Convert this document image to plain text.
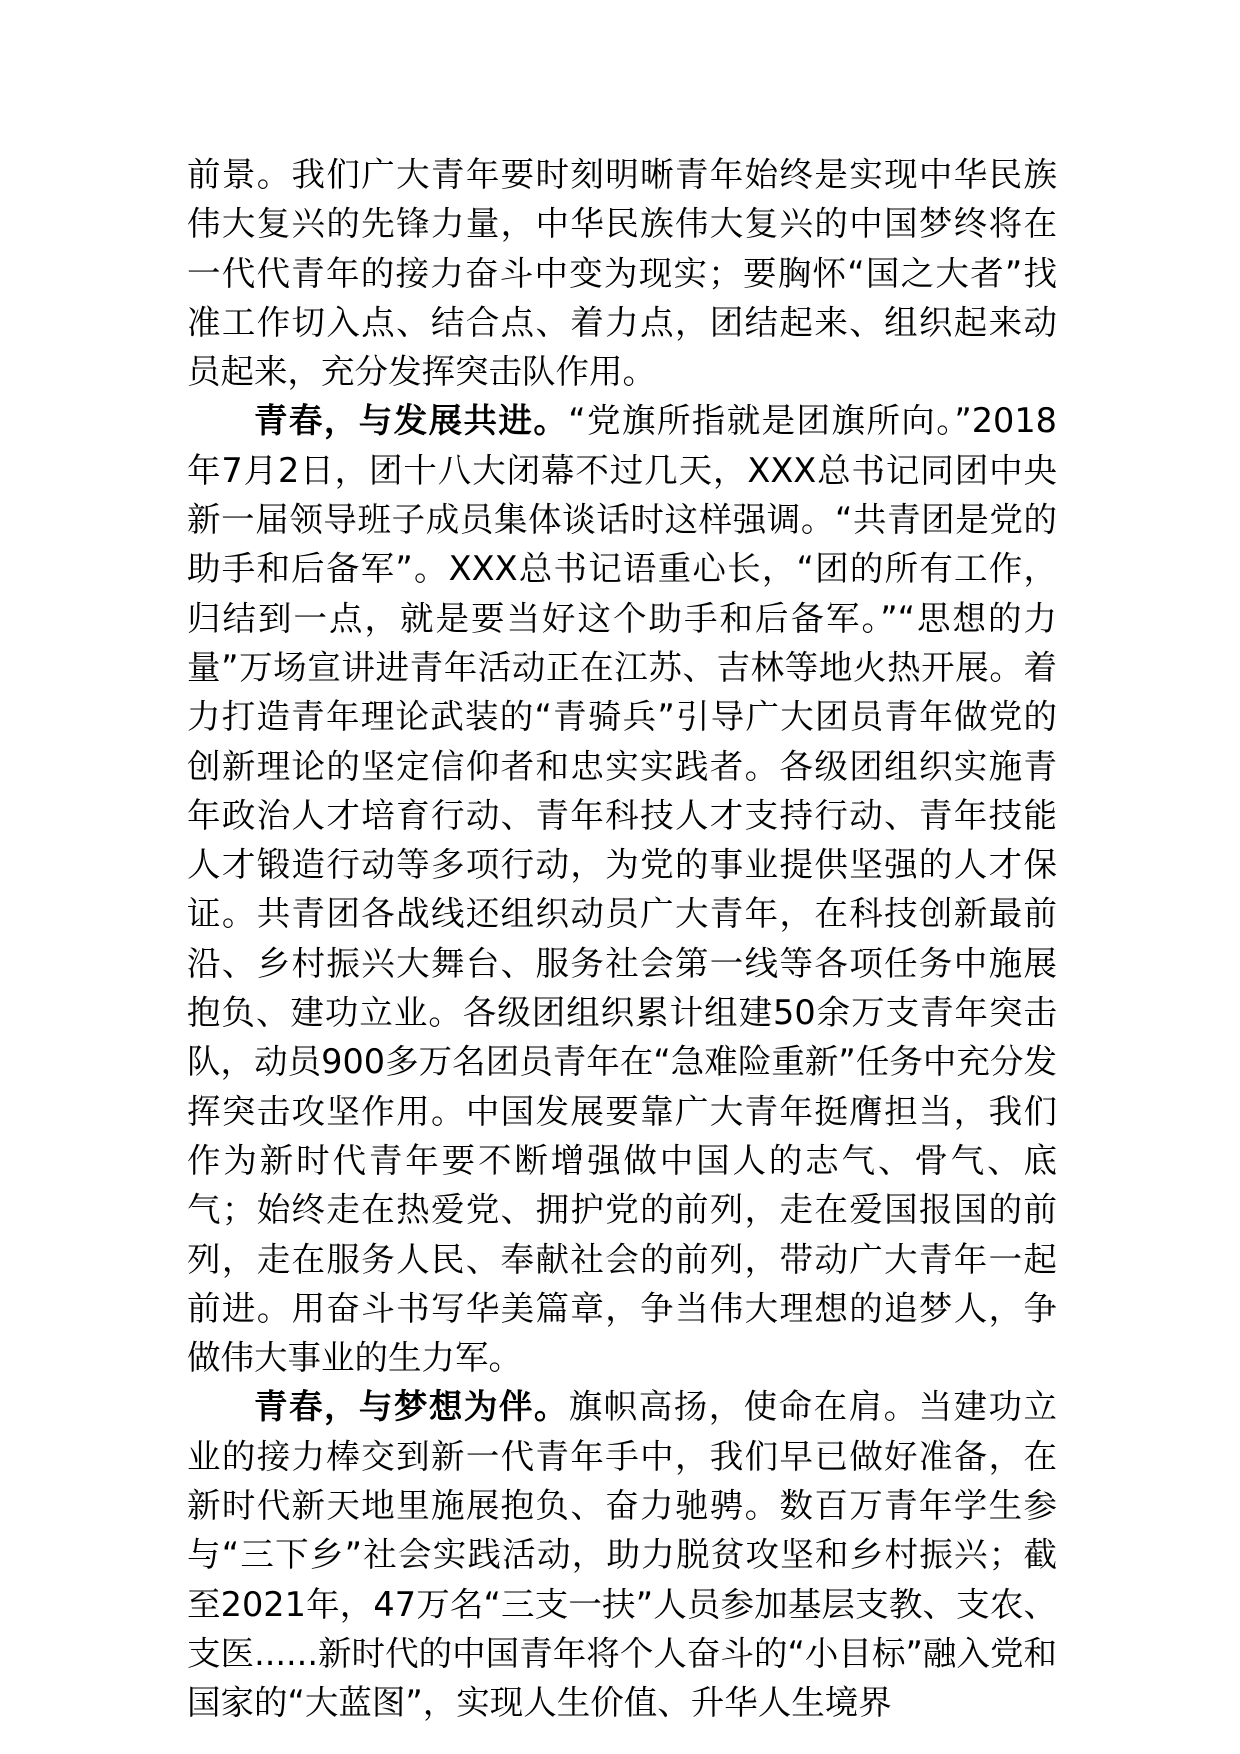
前景。我们广大青年要时刻明晰青年始终是实现中华民族伟大复兴的先锋力量，中华民族伟大复兴的中国梦终将在一代代青年的接力奋斗中变为现实；要胸怀“国之大者”找准工作切入点、结合点、着力点，团结起来、组织起来动员起来，充分发挥突击队作用。

青春，与发展共进。“党旗所指就是团旗所向。”2018年7月2日，团十八大闭幕不过几天，XXX总书记同团中央新一届领导班子成员集体谈话时这样强调。“共青团是党的助手和后备军”。XXX总书记语重心长，“团的所有工作，归结到一点，就是要当好这个助手和后备军。”“思想的力量”万场宣讲进青年活动正在江苏、吉林等地火热开展。着力打造青年理论武装的“青骑兵”引导广大团员青年做党的创新理论的坚定信仰者和忠实实践者。各级团组织实施青年政治人才培育行动、青年科技人才支持行动、青年技能人才锻造行动等多项行动，为党的事业提供坚强的人才保证。共青团各战线还组织动员广大青年，在科技创新最前沿、乡村振兴大舞台、服务社会第一线等各项任务中施展抱负、建功立业。各级团组织累计组建50余万支青年突击队，动员900多万名团员青年在“急难险重新”任务中充分发挥突击攻坚作用。中国发展要靠广大青年挺膺担当，我们作为新时代青年要不断增强做中国人的志气、骨气、底气；始终走在热爱党、拥护党的前列，走在爱国报国的前列，走在服务人民、奉献社会的前列，带动广大青年一起前进。用奋斗书写华美篇章，争当伟大理想的追梦人，争做伟大事业的生力军。

青春，与梦想为伴。旗帜高扬，使命在肩。当建功立业的接力棒交到新一代青年手中，我们早已做好准备，在新时代新天地里施展抱负、奋力驰骋。数百万青年学生参与“三下乡”社会实践活动，助力脱贫攻坚和乡村振兴；截至2021年，47万名“三支一扶”人员参加基层支教、支农、支医......新时代的中国青年将个人奋斗的“小目标”融入党和国家的“大蓝图”，实现人生价值、升华人生境界
